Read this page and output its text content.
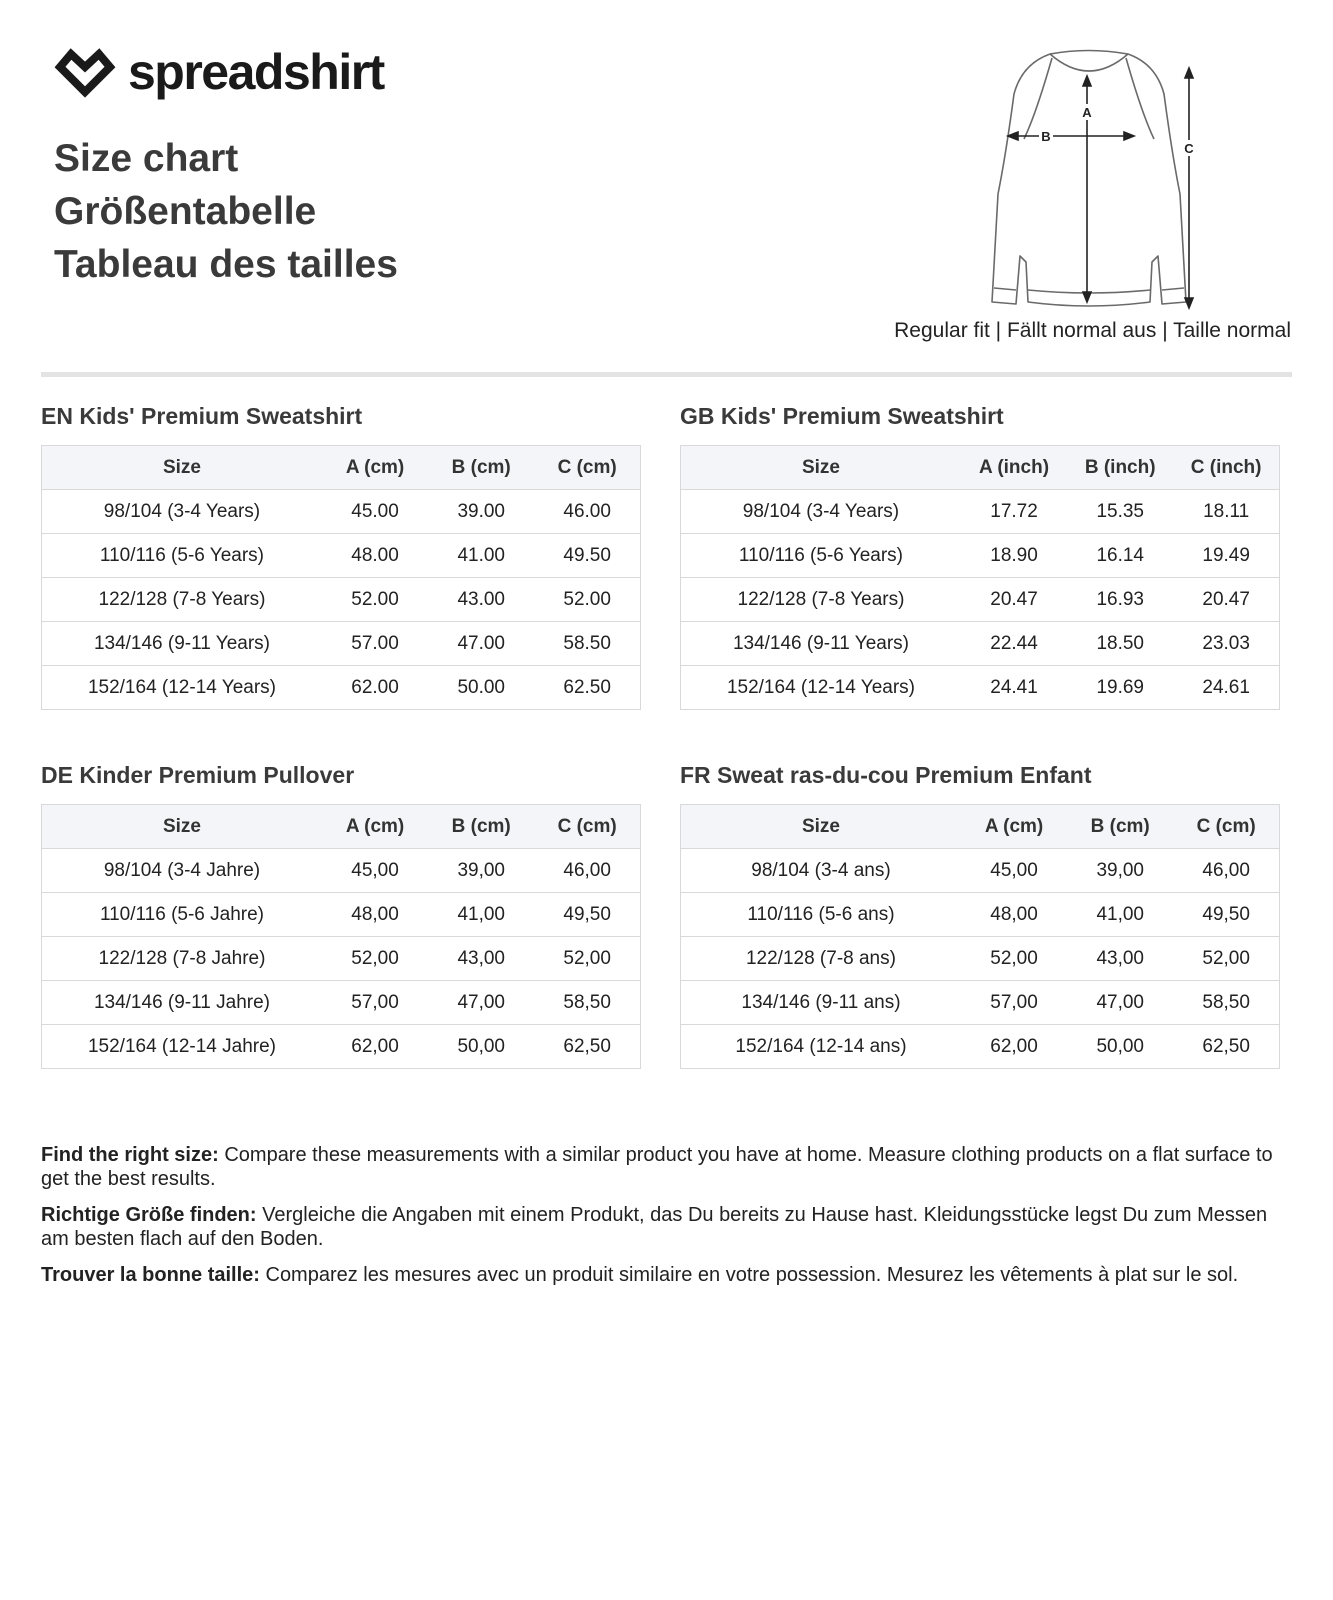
spreadshirt
Size chart
Größentabelle
Tableau des tailles
A
B
C
Regular fit | Fällt normal aus | Taille normal
EN Kids' Premium Sweatshirt
Size	A (cm)	B (cm)	C (cm)
98/104 (3-4 Years)	45.00	39.00	46.00
110/116 (5-6 Years)	48.00	41.00	49.50
122/128 (7-8 Years)	52.00	43.00	52.00
134/146 (9-11 Years)	57.00	47.00	58.50
152/164 (12-14 Years)	62.00	50.00	62.50
GB Kids' Premium Sweatshirt
Size	A (inch)	B (inch)	C (inch)
98/104 (3-4 Years)	17.72	15.35	18.11
110/116 (5-6 Years)	18.90	16.14	19.49
122/128 (7-8 Years)	20.47	16.93	20.47
134/146 (9-11 Years)	22.44	18.50	23.03
152/164 (12-14 Years)	24.41	19.69	24.61
DE Kinder Premium Pullover
Size	A (cm)	B (cm)	C (cm)
98/104 (3-4 Jahre)	45,00	39,00	46,00
110/116 (5-6 Jahre)	48,00	41,00	49,50
122/128 (7-8 Jahre)	52,00	43,00	52,00
134/146 (9-11 Jahre)	57,00	47,00	58,50
152/164 (12-14 Jahre)	62,00	50,00	62,50
FR Sweat ras-du-cou Premium Enfant
Size	A (cm)	B (cm)	C (cm)
98/104 (3-4 ans)	45,00	39,00	46,00
110/116 (5-6 ans)	48,00	41,00	49,50
122/128 (7-8 ans)	52,00	43,00	52,00
134/146 (9-11 ans)	57,00	47,00	58,50
152/164 (12-14 ans)	62,00	50,00	62,50

Find the right size: Compare these measurements with a similar product you have at home. Measure clothing products on a flat surface to get the best results.

Richtige Größe finden: Vergleiche die Angaben mit einem Produkt, das Du bereits zu Hause hast. Kleidungsstücke legst Du zum Messen am besten flach auf den Boden.

Trouver la bonne taille: Comparez les mesures avec un produit similaire en votre possession. Mesurez les vêtements à plat sur le sol.
